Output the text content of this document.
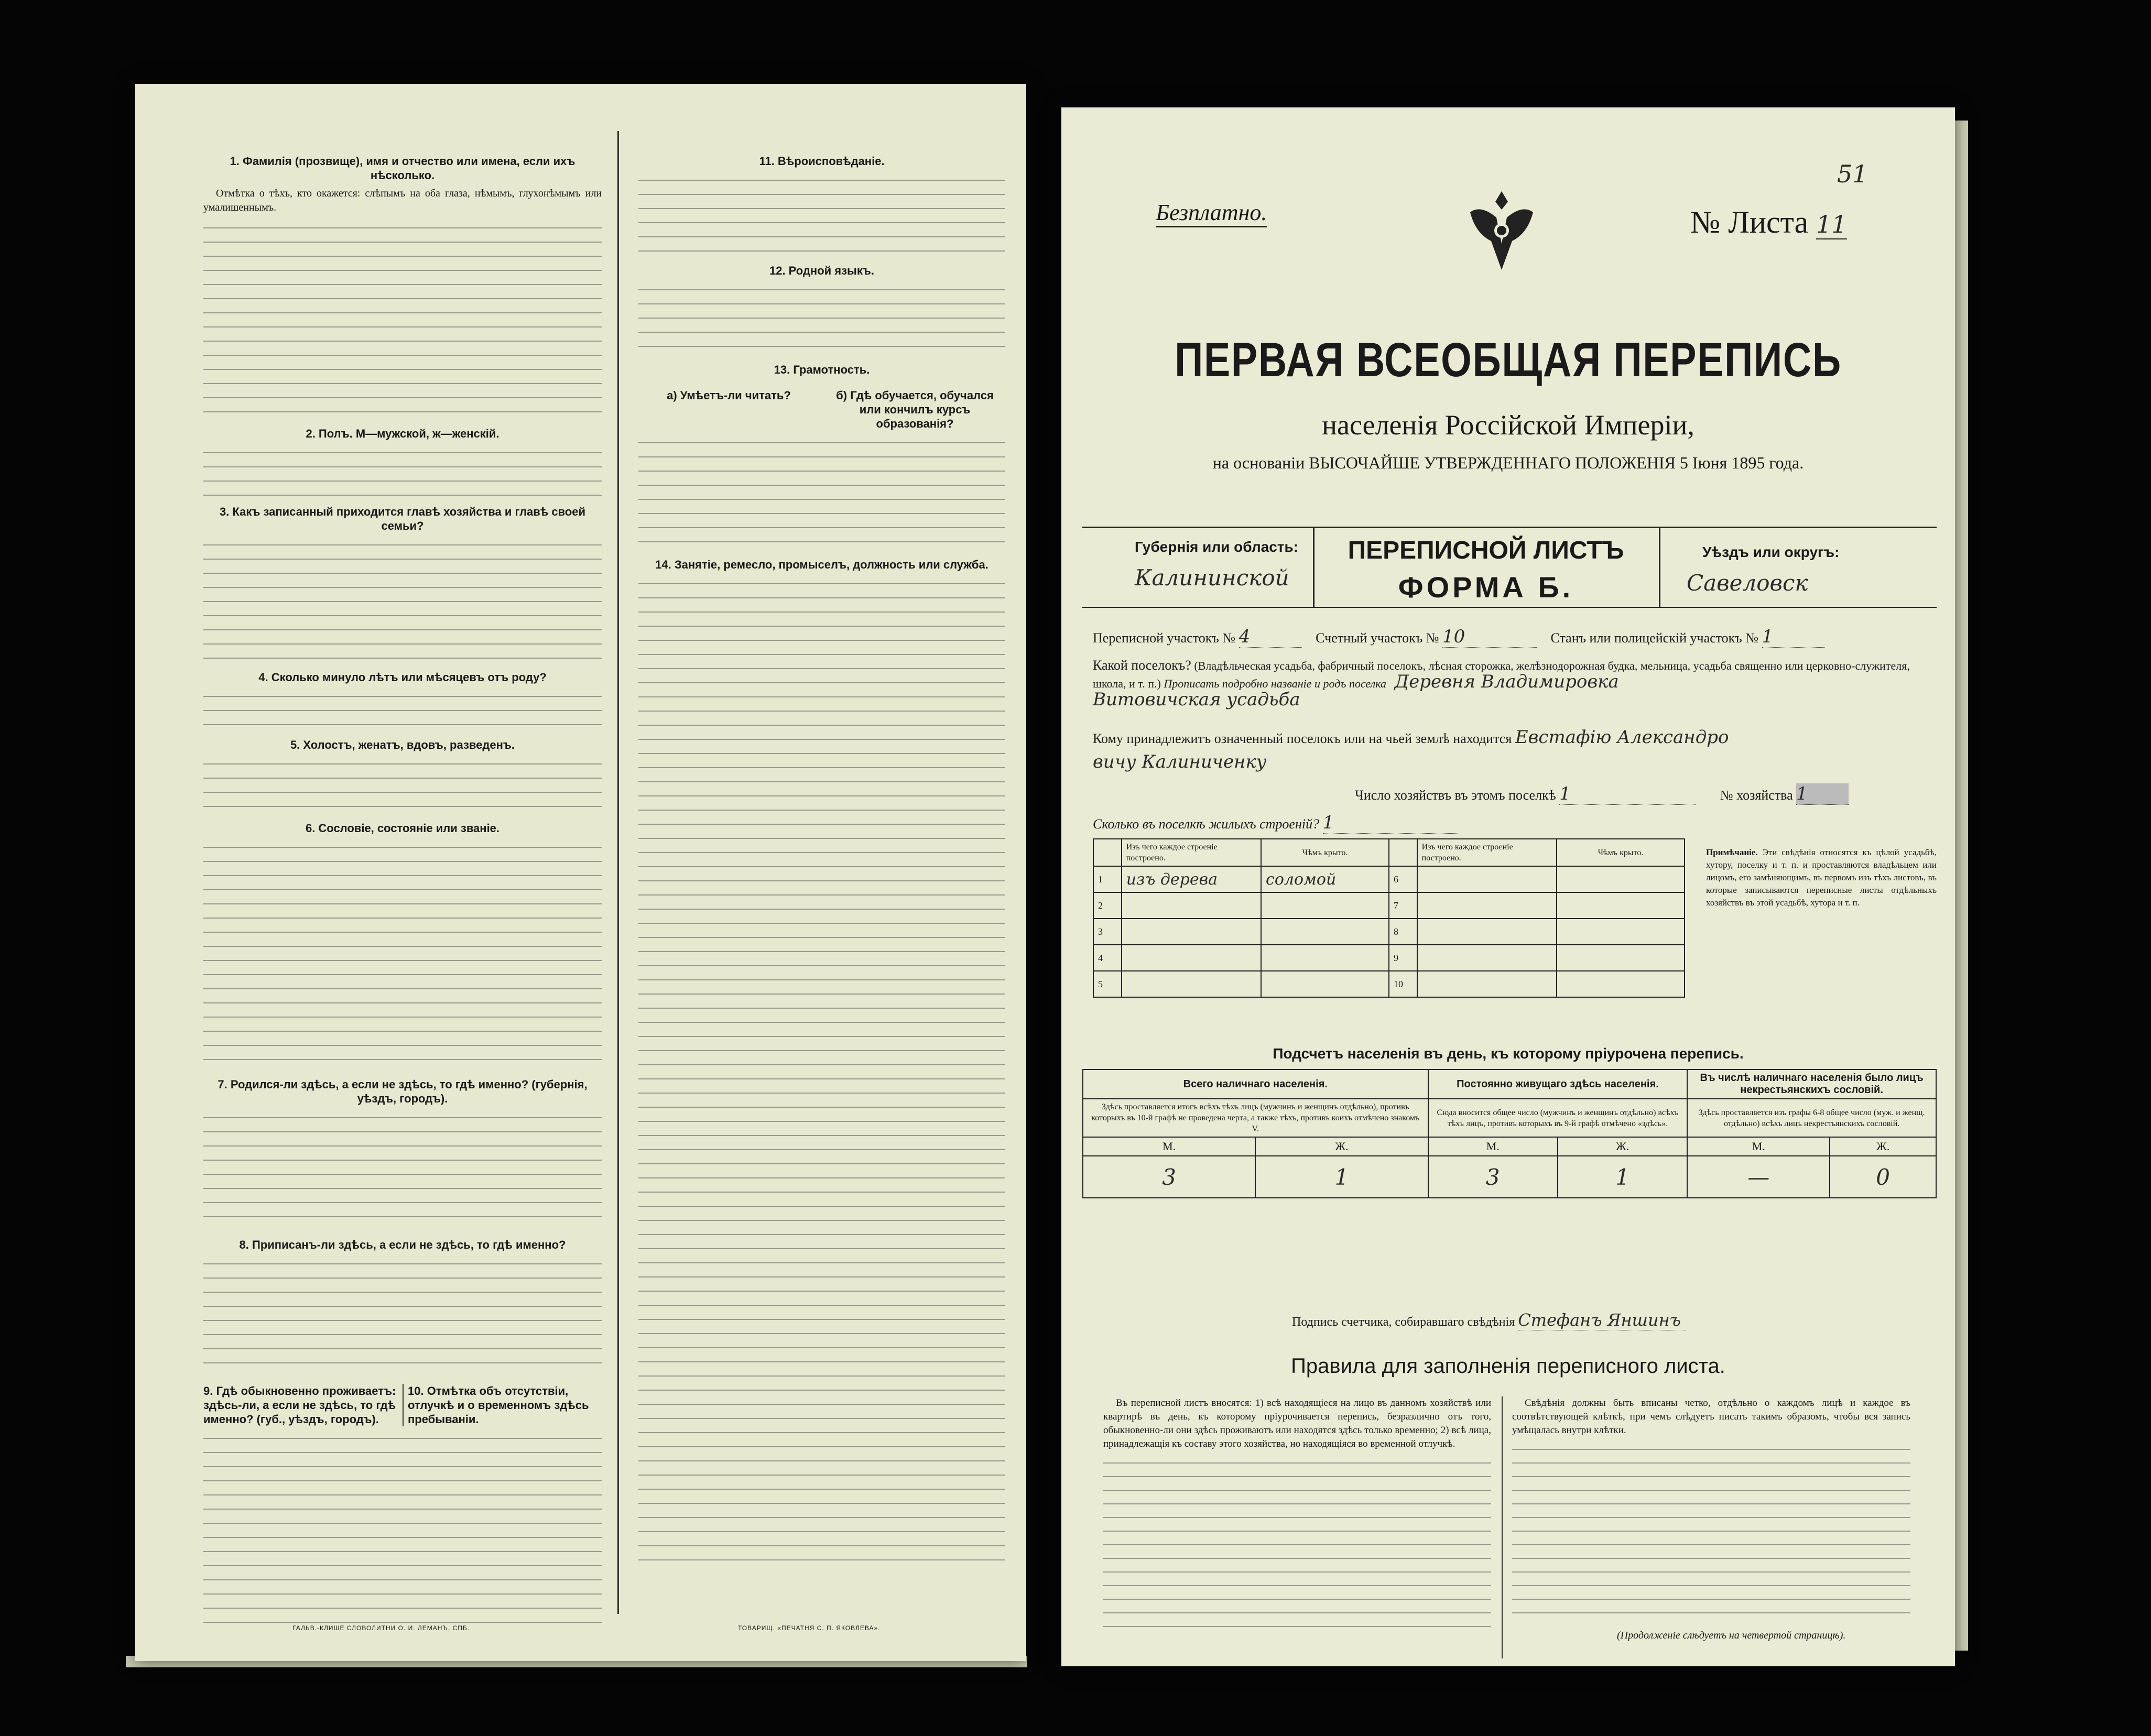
1. Фамилія (прозвище), имя и отчество или имена, если ихъ нѣсколько.

Отмѣтка о тѣхъ, кто окажется: слѣпымъ на оба глаза, нѣмымъ, глухонѣмымъ или умалишеннымъ.

2. Полъ. М—мужской, ж—женскій.
3. Какъ записанный приходится главѣ хозяйства и главѣ своей семьи?
4. Сколько минуло лѣтъ или мѣсяцевъ отъ роду?
5. Холостъ, женатъ, вдовъ, разведенъ.
6. Сословіе, состояніе или званіе.
7. Родился-ли здѣсь, а если не здѣсь, то гдѣ именно? (губернія, уѣздъ, городъ).
8. Приписанъ-ли здѣсь, а если не здѣсь, то гдѣ именно?
9. Гдѣ обыкновенно проживаетъ: здѣсь-ли, а если не здѣсь, то гдѣ именно? (губ., уѣздъ, городъ).
10. Отмѣтка объ отсутствіи, отлучкѣ и о временномъ здѣсь пребываніи.
11. Вѣроисповѣданіе.
12. Родной языкъ.
13. Грамотность.
а) Умѣетъ-ли читать?	б) Гдѣ обучается, обучался или кончилъ курсъ образованія?
14. Занятіе, ремесло, промыселъ, должность или служба.
ГАЛЬВ.-КЛИШЕ СЛОВОЛИТНИ О. И. ЛЕМАНЪ, СПБ.	ТОВАРИЩ. «ПЕЧАТНЯ С. П. ЯКОВЛЕВА».
Безплатно.	№ Листа 11
51
ПЕРВАЯ ВСЕОБЩАЯ ПЕРЕПИСЬ
населенія Россійской Имперіи,
на основаніи ВЫСОЧАЙШЕ УТВЕРЖДЕННАГО ПОЛОЖЕНІЯ 5 Іюня 1895 года.
Губернія или область:
Калининской
ПЕРЕПИСНОЙ ЛИСТЪ
ФОРМА Б.
Уѣздъ или округъ:
Савеловск
Переписной участокъ № 4	Счетный участокъ № 10	Станъ или полицейскій участокъ № 1
Какой поселокъ? (Владѣльческая усадьба, фабричный поселокъ, лѣсная сторожка, желѣзнодорожная будка, мельница, усадьба священно или церковно-служителя, школа, и т. п.) Прописать подробно названіе и родъ поселка Деревня Владимировка
Витовичская усадьба
Кому принадлежитъ означенный поселокъ или на чьей землѣ находится Евстафію Александро
вичу Калиниченку
Число хозяйствъ въ этомъ поселкѣ 1	№ хозяйства 1
Сколько въ поселкѣ жилыхъ строеній? 1
	Изъ чего каждое строеніе построено.	Чѣмъ крыто.		Изъ чего каждое строеніе построено.	Чѣмъ крыто.
1	изъ дерева	соломой	6		
2			7		
3			8		
4			9		
5			10		
Примѣчаніе. Эти свѣдѣнія относятся къ цѣлой усадьбѣ, хутору, поселку и т. п. и проставляются владѣльцем или лицомъ, его замѣняющимъ, въ первомъ изъ тѣхъ листовъ, въ которые записываются переписные листы отдѣльныхъ хозяйствъ въ этой усадьбѣ, хутора и т. п.
Подсчетъ населенія въ день, къ которому пріурочена перепись.
Всего наличнаго населенія.		Постоянно живущаго здѣсь населенія.		Въ числѣ наличнаго населенія было лицъ некрестьянскихъ сословій.	
Здѣсь проставляется итогъ всѣхъ тѣхъ лицъ (мужчинъ и женщинъ отдѣльно), противъ которыхъ въ 10-й графѣ не проведена черта, а также тѣхъ, противъ коихъ отмѣчено знакомъ V.		Сюда вносится общее число (мужчинъ и женщинъ отдѣльно) всѣхъ тѣхъ лицъ, противъ которыхъ въ 9-й графѣ отмѣчено «здѣсь».		Здѣсь проставляется изъ графы 6-8 общее число (муж. и женщ. отдѣльно) всѣхъ лицъ некрестьянскихъ сословій.	
М.	Ж.	М.	Ж.	М.	Ж.
3	1	3	1	—	0
Подпись счетчика, собиравшаго свѣдѣнія Стефанъ Яншинъ
Правила для заполненія переписного листа.

Въ переписной листъ вносятся: 1) всѣ находящіеся на лицо въ данномъ хозяйствѣ или квартирѣ въ день, къ которому пріурочивается перепись, безразлично отъ того, обыкновенно-ли они здѣсь проживаютъ или находятся здѣсь только временно; 2) всѣ лица, принадлежащія къ составу этого хозяйства, но находящіяся во временной отлучкѣ.

Свѣдѣнія должны быть вписаны четко, отдѣльно о каждомъ лицѣ и каждое въ соотвѣтствующей клѣткѣ, при чемъ слѣдуетъ писать такимъ образомъ, чтобы вся запись умѣщалась внутри клѣтки.

(Продолженіе слѣдуетъ на четвертой страницѣ).
